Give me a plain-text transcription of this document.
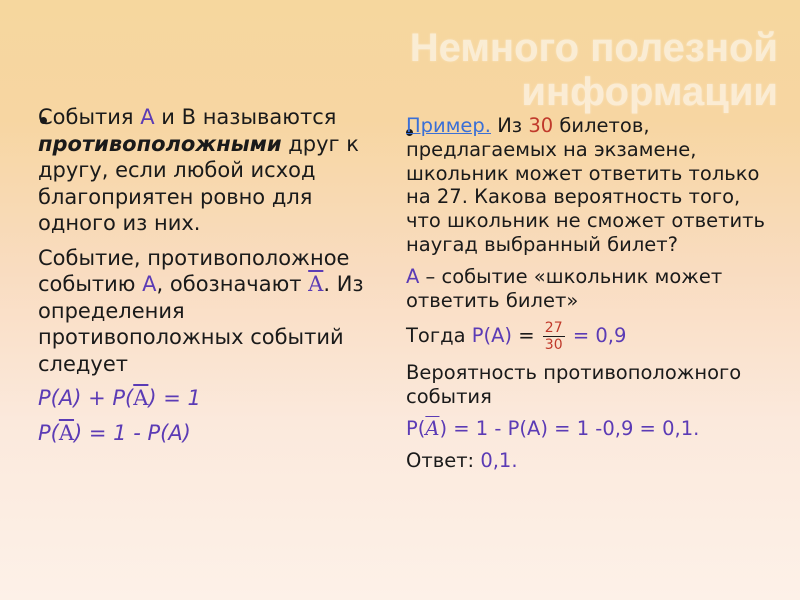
Немного полезной информации

События А и В называются противоположными друг к другу, если любой исход благоприятен ровно для одного из них.

Событие, противоположное событию А, обозначают $\overline{A}$. Из определения противоположных событий следует

$P(A) + P(\overline{A}) = 1$

$P(\overline{A}) = 1 - P(A)$

Пример. Из 30 билетов, предлагаемых на экзамене, школьник может ответить только на 27. Какова вероятность того, что школьник не сможет ответить наугад выбранный билет?

А – событие «школьник может ответить билет»

Тогда $Р(А) = \frac{27}{30} = 0,9$

Вероятность противоположного события

$P(\overline{A}) = 1 - P(A) = 1$ -0,9 = 0,1.

Ответ: 0,1.
